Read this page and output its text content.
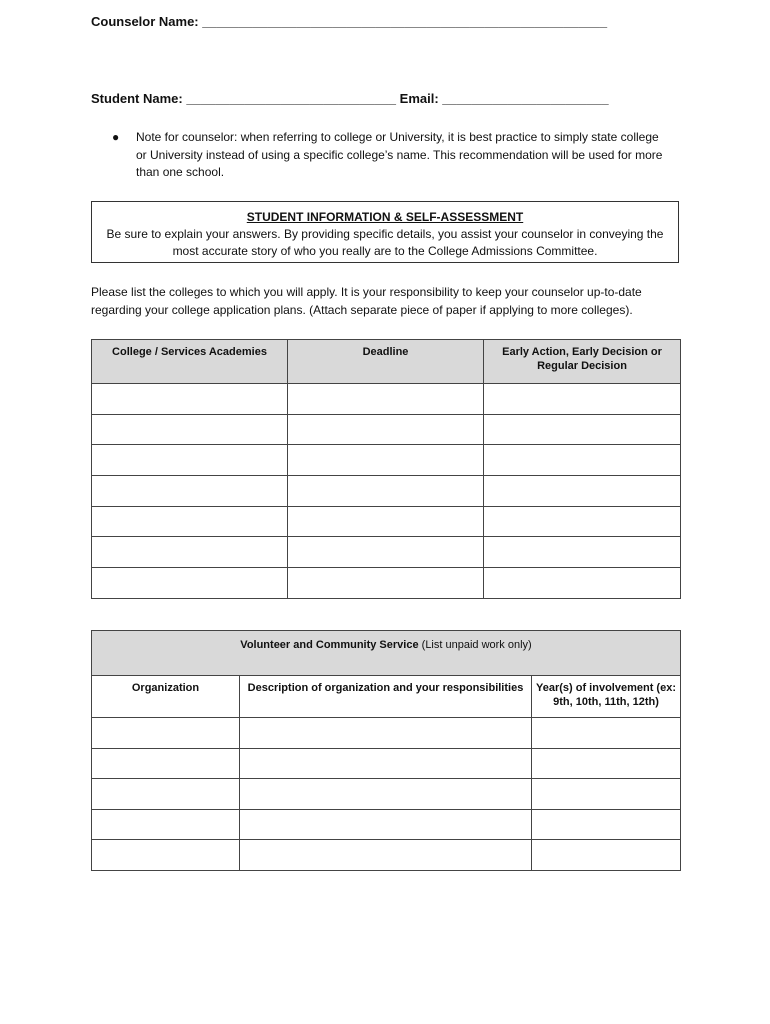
Counselor Name: ________________________________________________________
Student Name: _____________________________ Email: _______________________
● Note for counselor: when referring to college or University, it is best practice to simply state college or University instead of using a specific college’s name. This recommendation will be used for more than one school.
STUDENT INFORMATION & SELF-ASSESSMENT
Be sure to explain your answers. By providing specific details, you assist your counselor in conveying the most accurate story of who you really are to the College Admissions Committee.
Please list the colleges to which you will apply. It is your responsibility to keep your counselor up-to-date regarding your college application plans. (Attach separate piece of paper if applying to more colleges).
College / Services Academies	Deadline	Early Action, Early Decision or Regular Decision

Volunteer and Community Service (List unpaid work only)		
Organization	Description of organization and your responsibilities	Year(s) of involvement (ex: 9th, 10th, 11th, 12th)
